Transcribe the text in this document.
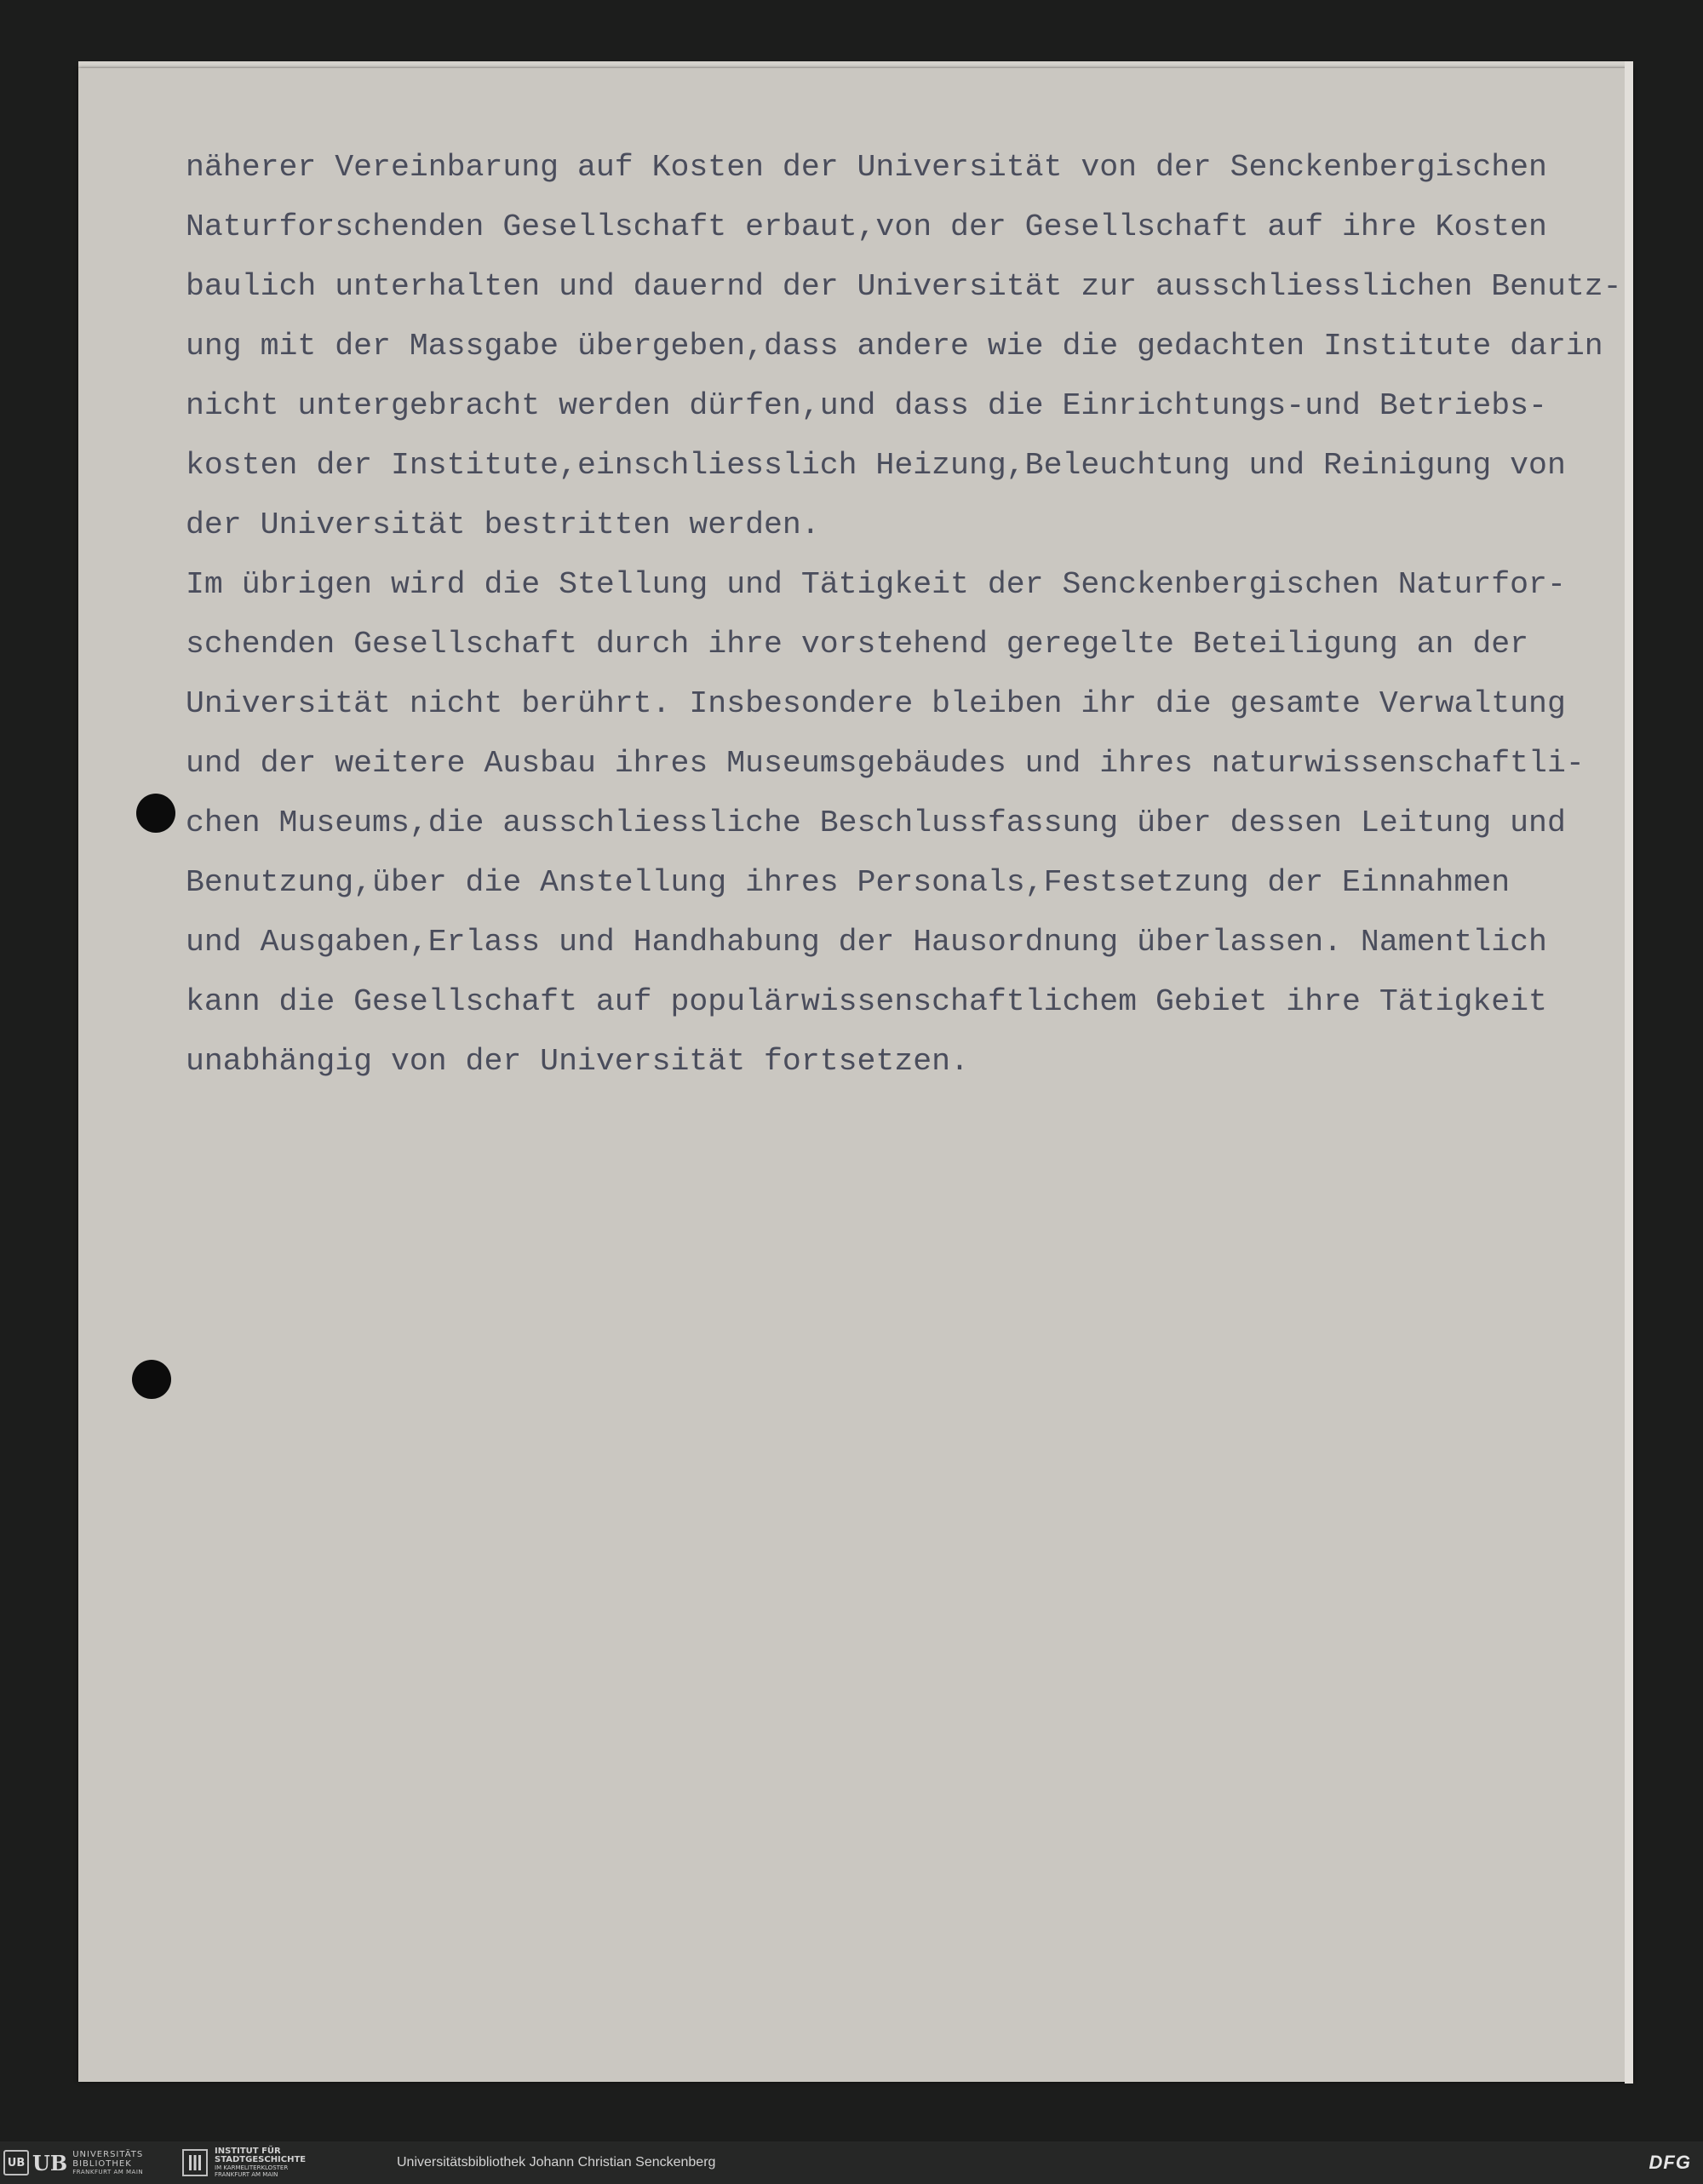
näherer Vereinbarung auf Kosten der Universität von der Senckenbergischen
Naturforschenden Gesellschaft erbaut,von der Gesellschaft auf ihre Kosten
baulich unterhalten und dauernd der Universität zur ausschliesslichen Benutz-
ung mit der Massgabe übergeben,dass andere wie die gedachten Institute darin
nicht untergebracht werden dürfen,und dass die Einrichtungs-und Betriebs-
kosten der Institute,einschliesslich Heizung,Beleuchtung und Reinigung von
der Universität bestritten werden.
Im übrigen wird die Stellung und Tätigkeit der Senckenbergischen Naturfor-
schenden Gesellschaft durch ihre vorstehend geregelte Beteiligung an der
Universität nicht berührt. Insbesondere bleiben ihr die gesamte Verwaltung
und der weitere Ausbau ihres Museumsgebäudes und ihres naturwissenschaftli-
chen Museums,die ausschliessliche Beschlussfassung über dessen Leitung und
Benutzung,über die Anstellung ihres Personals,Festsetzung der Einnahmen
und Ausgaben,Erlass und Handhabung der Hausordnung überlassen. Namentlich
kann die Gesellschaft auf populärwissenschaftlichem Gebiet ihre Tätigkeit
unabhängig von der Universität fortsetzen.
UB UB UNIVERSITÄTS
BIBLIOTHEK
FRANKFURT AM MAIN
INSTITUT FÜR
STADTGESCHICHTE
IM KARMELITERKLOSTER
FRANKFURT AM MAIN
Universitätsbibliothek Johann Christian Senckenberg	DFG
